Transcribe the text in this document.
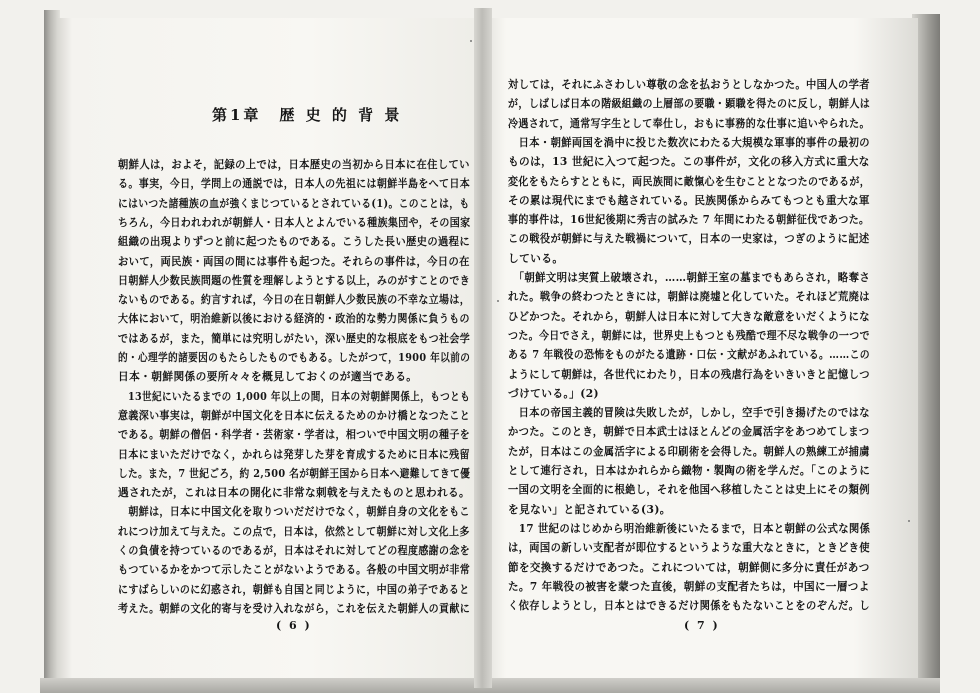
第1章　歴 史 的 背 景
朝鮮人は，およそ，記録の上では，日本歴史の当初から日本に在住してい
る。事実，今日，学問上の通説では，日本人の先祖には朝鮮半島をへて日本
にはいつた諸種族の血が強くまじつているとされている(1)。このことは，も
ちろん，今日われわれが朝鮮人・日本人とよんでいる種族集団や，その国家
組織の出現よりずつと前に起つたものである。こうした長い歴史の過程に
おいて，両民族・両国の間には事件も起つた。それらの事件は，今日の在
日朝鮮人少数民族問題の性質を理解しようとする以上，みのがすことのでき
ないものである。約言すれば，今日の在日朝鮮人少数民族の不幸な立場は，
大体において，明治維新以後における経済的・政治的な勢力関係に負うもの
ではあるが，また，簡単には究明しがたい，深い歴史的な根底をもつ社会学
的・心理学的諸要因のもたらしたものでもある。したがつて，1900 年以前の
日本・朝鮮関係の要所々々を概見しておくのが適当である。
　13世紀にいたるまでの 1,000 年以上の間，日本の対朝鮮関係上，もつとも
意義深い事実は，朝鮮が中国文化を日本に伝えるためのかけ橋となつたこと
である。朝鮮の僧侶・科学者・芸術家・学者は，相ついで中国文明の種子を
日本にまいただけでなく，かれらは発芽した芽を育成するために日本に残留
した。また，7 世紀ごろ，約 2,500 名が朝鮮王国から日本へ避難してきて優
遇されたが，これは日本の開化に非常な刺戟を与えたものと思われる。
　朝鮮は，日本に中国文化を取りついだだけでなく，朝鮮自身の文化をもこ
れにつけ加えて与えた。この点で，日本は，依然として朝鮮に対し文化上多
くの負債を持つているのであるが，日本はそれに対してどの程度感謝の念を
もつているかをかつて示したことがないようである。各般の中国文明が非常
にすばらしいのに幻惑され，朝鮮も自国と同じように，中国の弟子であると
考えた。朝鮮の文化的寄与を受け入れながら，これを伝えた朝鮮人の貢献に
対しては，それにふさわしい尊敬の念を払おうとしなかつた。中国人の学者
が，しばしば日本の階級組織の上層部の要職・顕職を得たのに反し，朝鮮人は
冷遇されて，通常写字生として奉仕し，おもに事務的な仕事に追いやられた。
　日本・朝鮮両国を渦中に投じた数次にわたる大規模な軍事的事件の最初の
ものは，13 世紀に入つて起つた。この事件が，文化の移入方式に重大な
変化をもたらすとともに，両民族間に敵愾心を生むこととなつたのであるが，
その累は現代にまでも越されている。民族関係からみてもつとも重大な軍
事的事件は，16世紀後期に秀吉の試みた 7 年間にわたる朝鮮征伐であつた。
この戦役が朝鮮に与えた戦禍について，日本の一史家は，つぎのように記述
している。
　「朝鮮文明は実質上破壊され，……朝鮮王室の墓までもあらされ，略奪さ
れた。戦争の終わつたときには，朝鮮は廃墟と化していた。それほど荒廃は
ひどかつた。それから，朝鮮人は日本に対して大きな敵意をいだくようにな
つた。今日でさえ，朝鮮には，世界史上もつとも残酷で理不尽な戦争の一つで
ある 7 年戦役の恐怖をものがたる遺跡・口伝・文献があふれている。……この
ようにして朝鮮は，各世代にわたり，日本の残虐行為をいきいきと記憶しつ
づけている。」(2)
　日本の帝国主義的冒険は失敗したが，しかし，空手で引き揚げたのではな
かつた。このとき，朝鮮で日本武士はほとんどの金属活字をあつめてしまつ
たが，日本はこの金属活字による印刷術を会得した。朝鮮人の熟練工が捕虜
として連行され，日本はかれらから織物・製陶の術を学んだ。「このように
一国の文明を全面的に根絶し，それを他国へ移植したことは史上にその類例
を見ない」と記されている(3)。
　17 世紀のはじめから明治維新後にいたるまで，日本と朝鮮の公式な関係
は，両国の新しい支配者が即位するというような重大なときに，ときどき使
節を交換するだけであつた。これについては，朝鮮側に多分に責任があつ
た。7 年戦役の被害を蒙つた直後，朝鮮の支配者たちは，中国に一層つよ
く依存しようとし，日本とはできるだけ関係をもたないことをのぞんだ。し
( 6 )	( 7 )
